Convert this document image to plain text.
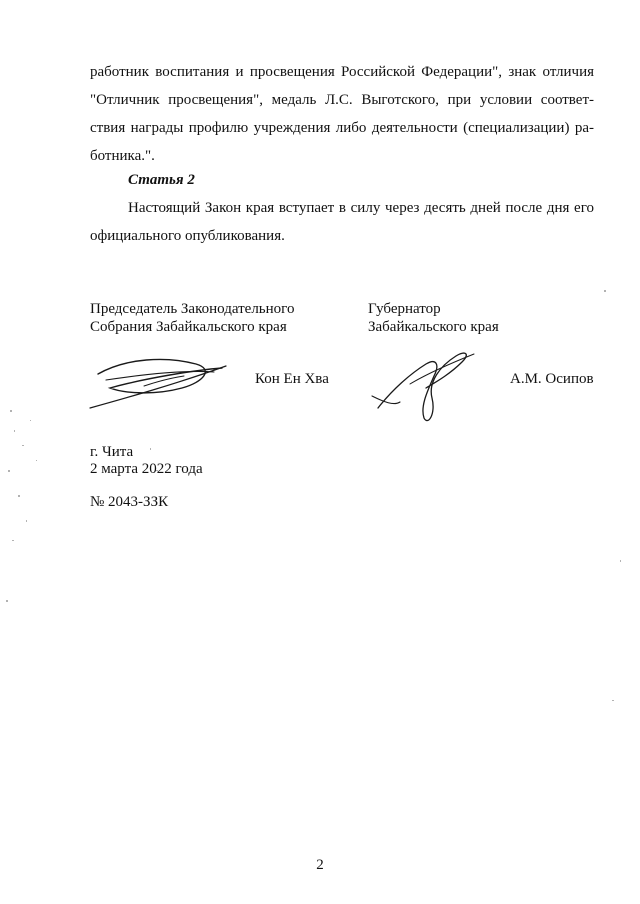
работник воспитания и просвещения Российской Федерации", знак отличия
"Отличник просвещения", медаль Л.С. Выготского, при условии соответ-
ствия награды профилю учреждения либо деятельности (специализации) ра-
ботника.".
Статья 2
Настоящий Закон края вступает в силу через десять дней после дня его
официального опубликования.
Председатель Законодательного
Собрания Забайкальского края
Кон Ен Хва
Губернатор
Забайкальского края
А.М. Осипов
г. Чита
2 марта 2022 года
№ 2043-ЗЗК
2
